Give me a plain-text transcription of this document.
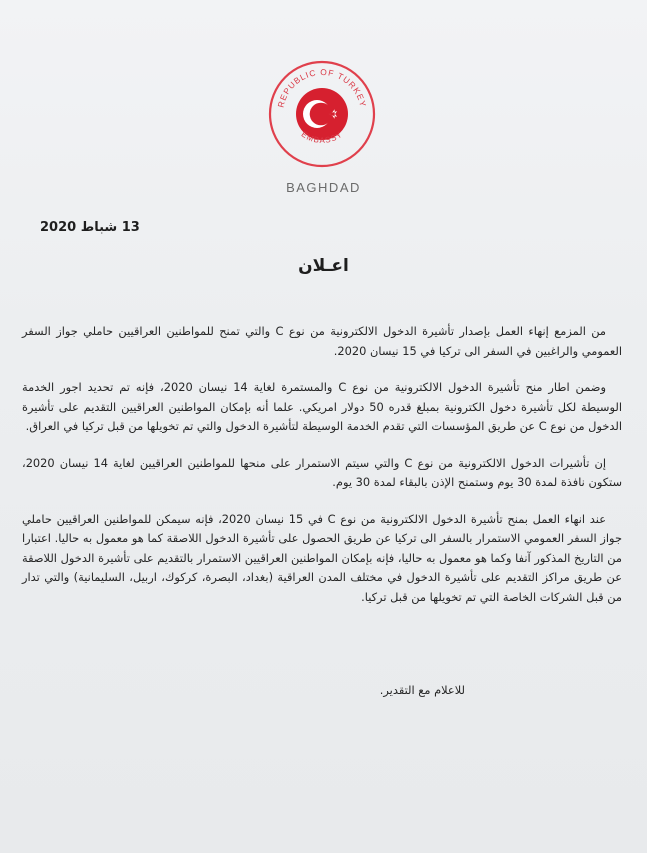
REPUBLIC OF TURKEY
EMBASSY
BAGHDAD
13 شباط 2020
اعـلان

من المزمع إنهاء العمل بإصدار تأشيرة الدخول الالكترونية من نوع C والتي تمنح للمواطنين العراقيين حاملي جواز السفر العمومي والراغبين في السفر الى تركيا في 15 نيسان 2020.

وضمن اطار منح تأشيرة الدخول الالكترونية من نوع C والمستمرة لغاية 14 نيسان 2020، فإنه تم تحديد اجور الخدمة الوسيطة لكل تأشيرة دخول الكترونية بمبلغ قدره 50 دولار امريكي. علما أنه بإمكان المواطنين العراقيين التقديم على تأشيرة الدخول من نوع C عن طريق المؤسسات التي تقدم الخدمة الوسيطة لتأشيرة الدخول والتي تم تخويلها من قبل تركيا في العراق.

إن تأشيرات الدخول الالكترونية من نوع C والتي سيتم الاستمرار على منحها للمواطنين العراقيين لغاية 14 نيسان 2020، ستكون نافذة لمدة 30 يوم وستمنح الإذن بالبقاء لمدة 30 يوم.

عند انهاء العمل بمنح تأشيرة الدخول الالكترونية من نوع C في 15 نيسان 2020، فإنه سيمكن للمواطنين العراقيين حاملي جواز السفر العمومي الاستمرار بالسفر الى تركيا عن طريق الحصول على تأشيرة الدخول اللاصقة كما هو معمول به حاليا. اعتبارا من التاريخ المذكور آنفا وكما هو معمول به حاليا، فإنه بإمكان المواطنين العراقيين الاستمرار بالتقديم على تأشيرة الدخول اللاصقة عن طريق مراكز التقديم على تأشيرة الدخول في مختلف المدن العراقية (بغداد، البصرة، كركوك، اربيل، السليمانية) والتي تدار من قبل الشركات الخاصة التي تم تخويلها من قبل تركيا.

للاعلام مع التقدير.
